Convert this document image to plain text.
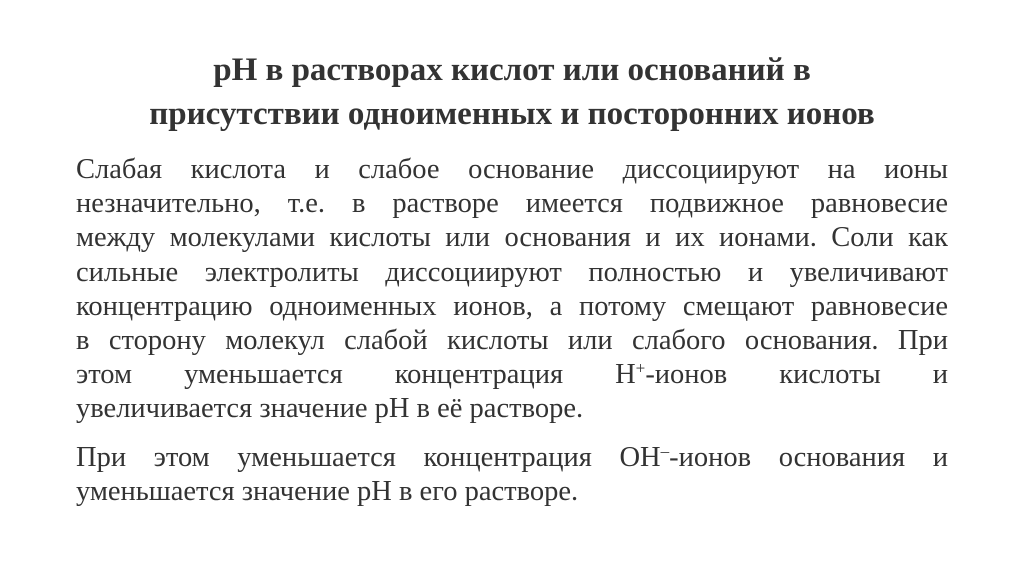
pH в растворах кислот или оснований в
присутствии одноименных и посторонних ионов

Слабая кислота и слабое основание диссоциируют на ионы
незначительно, т.е. в растворе имеется подвижное равновесие
между молекулами кислоты или основания и их ионами. Соли как
сильные электролиты диссоциируют полностью и увеличивают
концентрацию одноименных ионов, а потому смещают равновесие
в сторону молекул слабой кислоты или слабого основания. При
этом уменьшается концентрация H+-ионов кислоты и
увеличивается значение pH в её растворе.

При этом уменьшается концентрация OH–-ионов основания и
уменьшается значение pH в его растворе.
